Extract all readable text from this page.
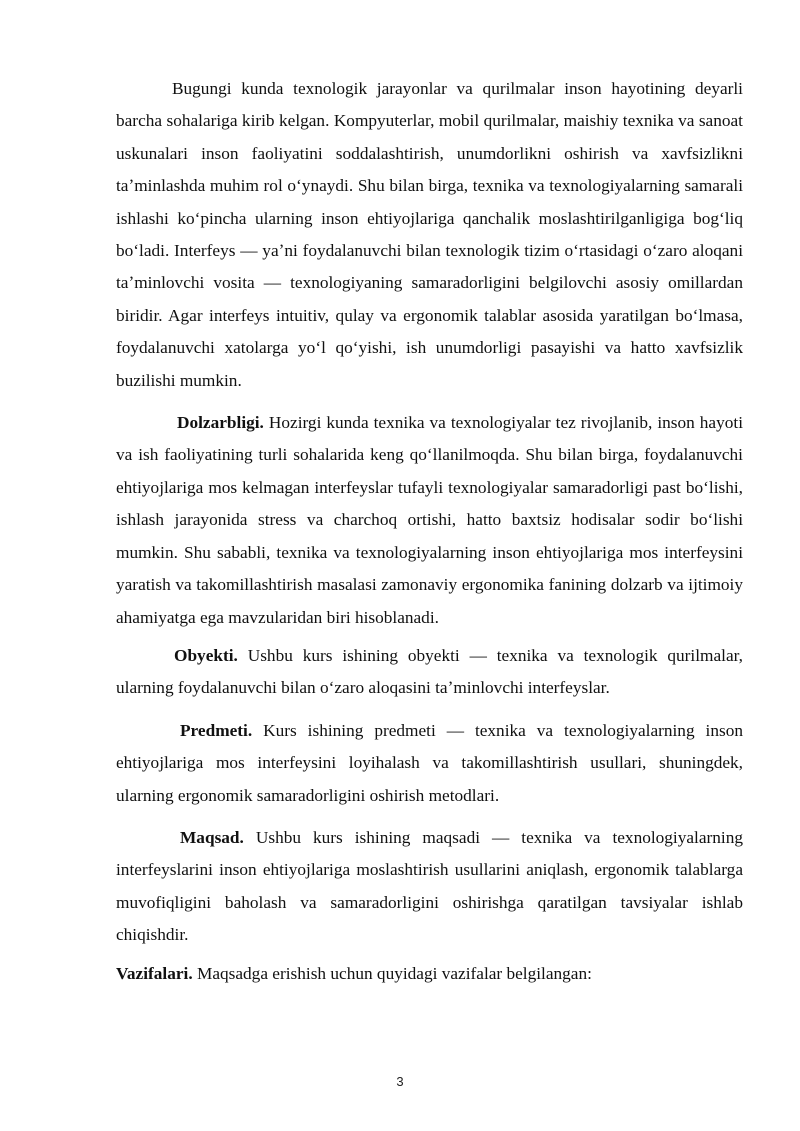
Bugungi kunda texnologik jarayonlar va qurilmalar inson hayotining deyarli barcha sohalariga kirib kelgan. Kompyuterlar, mobil qurilmalar, maishiy texnika va sanoat uskunalari inson faoliyatini soddalashtirish, unumdorlikni oshirish va xavfsizlikni taʼminlashda muhim rol oʻynaydi. Shu bilan birga, texnika va texnologiyalarning samarali ishlashi koʻpincha ularning inson ehtiyojlariga qanchalik moslashtirilganligiga bogʻliq boʻladi. Interfeys — yaʼni foydalanuvchi bilan texnologik tizim oʻrtasidagi oʻzaro aloqani taʼminlovchi vosita — texnologiyaning samaradorligini belgilovchi asosiy omillardan biridir. Agar interfeys intuitiv, qulay va ergonomik talablar asosida yaratilgan boʻlmasa, foydalanuvchi xatolarga yoʻl qoʻyishi, ish unumdorligi pasayishi va hatto xavfsizlik buzilishi mumkin.

Dolzarbligi. Hozirgi kunda texnika va texnologiyalar tez rivojlanib, inson hayoti va ish faoliyatining turli sohalarida keng qoʻllanilmoqda. Shu bilan birga, foydalanuvchi ehtiyojlariga mos kelmagan interfeyslar tufayli texnologiyalar samaradorligi past boʻlishi, ishlash jarayonida stress va charchoq ortishi, hatto baxtsiz hodisalar sodir boʻlishi mumkin. Shu sababli, texnika va texnologiyalarning inson ehtiyojlariga mos interfeysini yaratish va takomillashtirish masalasi zamonaviy ergonomika fanining dolzarb va ijtimoiy ahamiyatga ega mavzularidan biri hisoblanadi.

Obyekti. Ushbu kurs ishining obyekti — texnika va texnologik qurilmalar, ularning foydalanuvchi bilan oʻzaro aloqasini taʼminlovchi interfeyslar.

Predmeti. Kurs ishining predmeti — texnika va texnologiyalarning inson ehtiyojlariga mos interfeysini loyihalash va takomillashtirish usullari, shuningdek, ularning ergonomik samaradorligini oshirish metodlari.

Maqsad. Ushbu kurs ishining maqsadi — texnika va texnologiyalarning interfeyslarini inson ehtiyojlariga moslashtirish usullarini aniqlash, ergonomik talablarga muvofiqligini baholash va samaradorligini oshirishga qaratilgan tavsiyalar ishlab chiqishdir.

Vazifalari. Maqsadga erishish uchun quyidagi vazifalar belgilangan:

3
